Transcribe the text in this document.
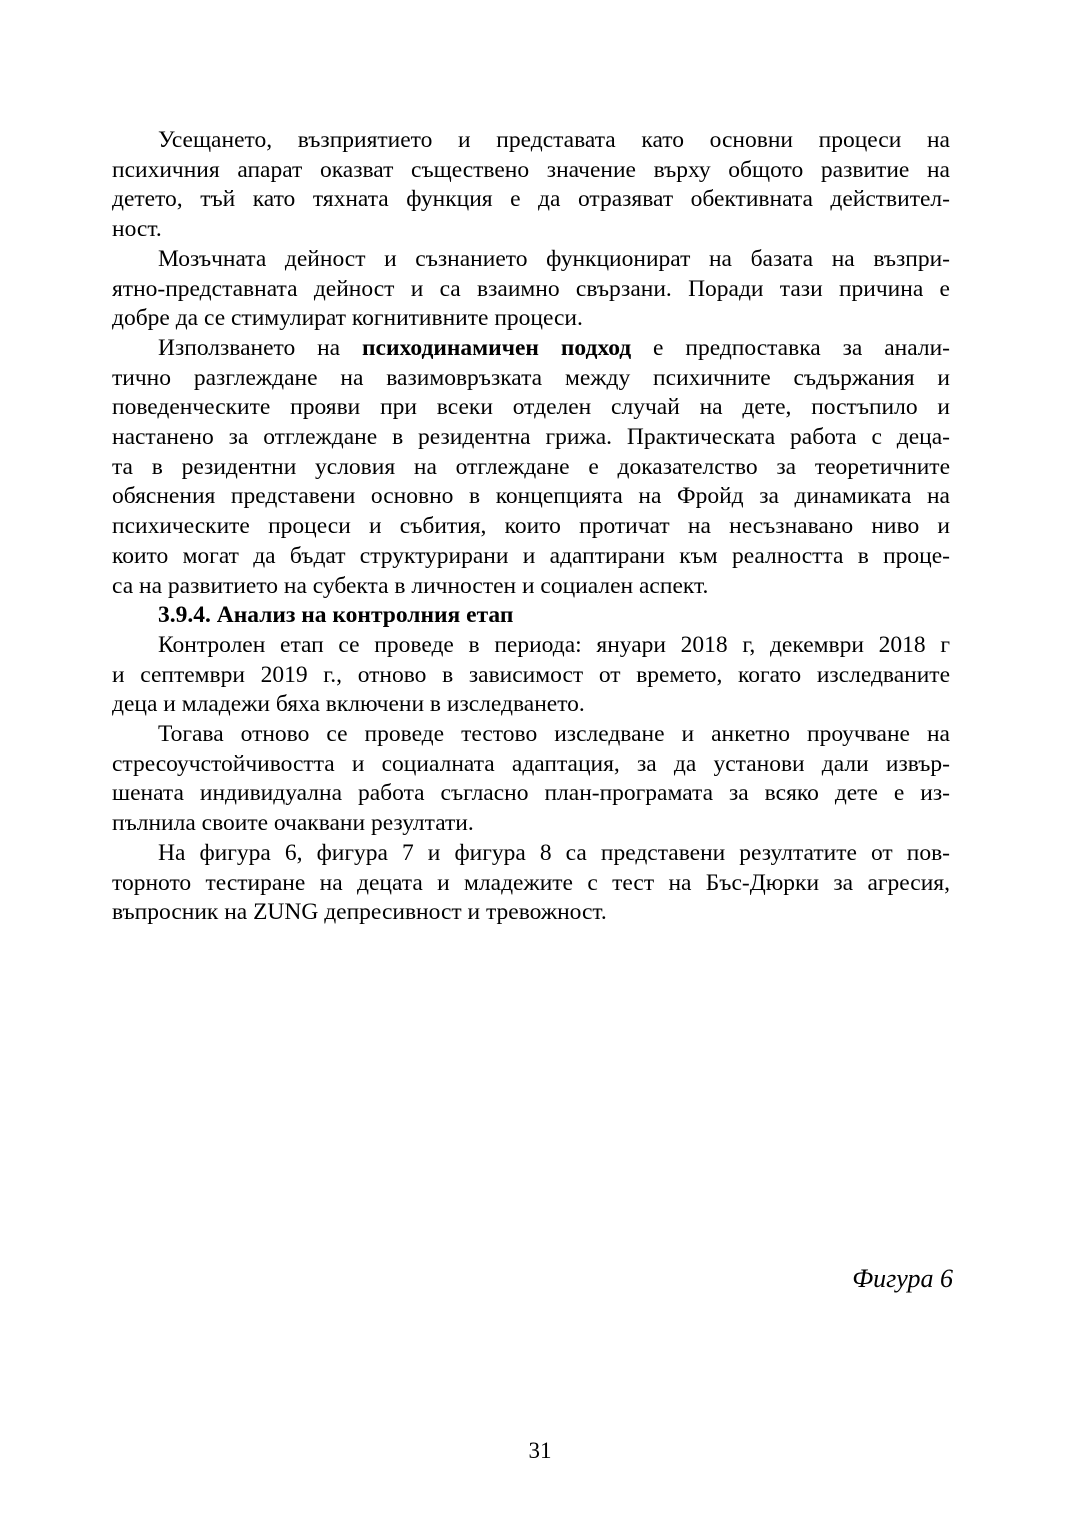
Усещането, възприятието и представата като основни процеси на
психичния апарат оказват съществено значение върху общото развитие на
детето, тъй като тяхната функция е да отразяват обективната действител-
ност.
Мозъчната дейност и съзнанието функционират на базата на възпри-
ятно-представната дейност и са взаимно свързани. Поради тази причина е
добре да се стимулират когнитивните процеси.
Използването на психодинамичен подход е предпоставка за анали-
тично разглеждане на вазимовръзката между психичните съдържания и
поведенческите прояви при всеки отделен случай на дете, постъпило и
настанено за отглеждане в резидентна грижа. Практическата работа с деца-
та в резидентни условия на отглеждане е доказателство за теоретичните
обяснения представени основно в концепцията на Фройд за динамиката на
психическите процеси и събития, които протичат на несъзнавано ниво и
които могат да бъдат структурирани и адаптирани към реалността в проце-
са на развитието на субекта в личностен и социален аспект.
3.9.4. Анализ на контролния етап
Контролен етап се проведе в периода: януари 2018 г, декември 2018 г
и септември 2019 г., отново в зависимост от времето, когато изследваните
деца и младежи бяха включени в изследването.
Тогава отново се проведе тестово изследване и анкетно проучване на
стресоучстойчивостта и социалната адаптация, за да установи дали извър-
шената индивидуална работа съгласно план-програмата за всяко дете е из-
пълнила своите очаквани резултати.
На фигура 6, фигура 7 и фигура 8 са представени резултатите от пов-
торното тестиране на децата и младежите с тест на Бъс-Дюрки за агресия,
въпросник на ZUNG депресивност и тревожност.
Фигура 6
31
